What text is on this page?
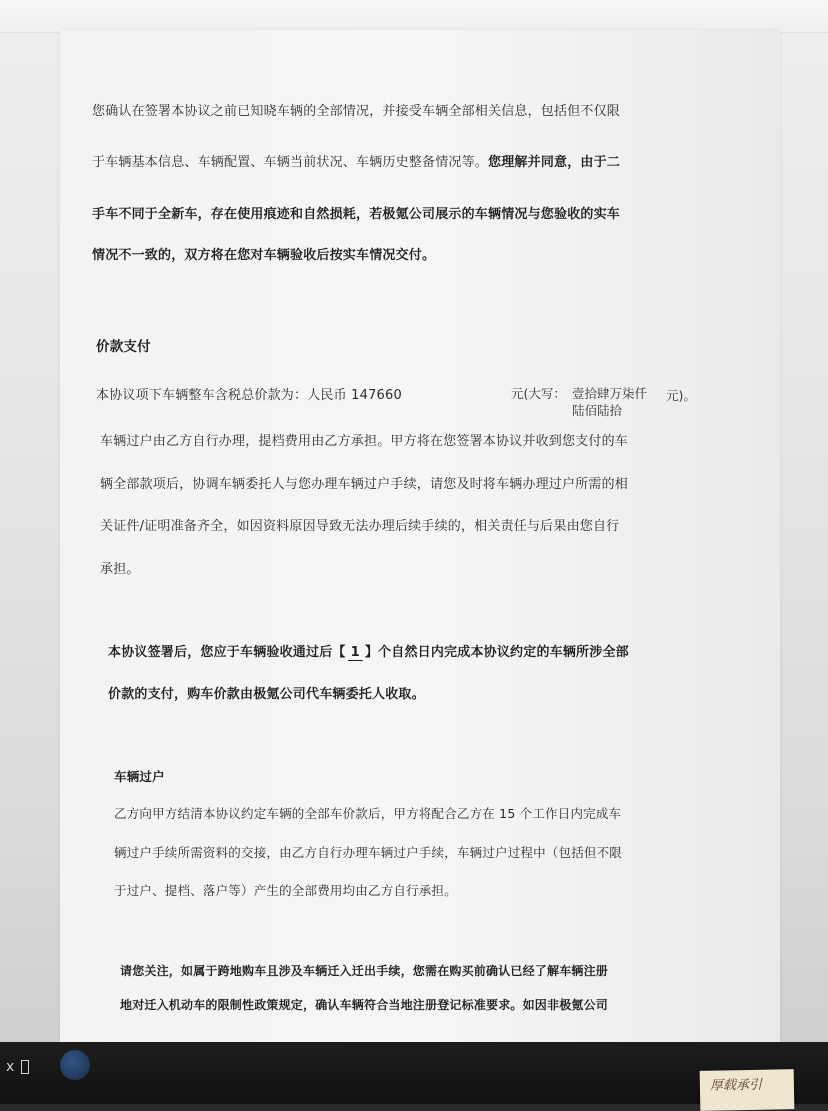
您确认在签署本协议之前已知晓车辆的全部情况，并接受车辆全部相关信息，包括但不仅限
于车辆基本信息、车辆配置、车辆当前状况、车辆历史整备情况等。您理解并同意，由于二
手车不同于全新车，存在使用痕迹和自然损耗，若极氪公司展示的车辆情况与您验收的实车
情况不一致的，双方将在您对车辆验收后按实车情况交付。
价款支付
本协议项下车辆整车含税总价款为：人民币 147660	元(大写： 壹拾肆万柒仟
陆佰陆拾
元)。
车辆过户由乙方自行办理，提档费用由乙方承担。甲方将在您签署本协议并收到您支付的车
辆全部款项后，协调车辆委托人与您办理车辆过户手续，请您及时将车辆办理过户所需的相
关证件/证明准备齐全，如因资料原因导致无法办理后续手续的，相关责任与后果由您自行
承担。
本协议签署后，您应于车辆验收通过后【 1 】个自然日内完成本协议约定的车辆所涉全部
价款的支付，购车价款由极氪公司代车辆委托人收取。
车辆过户
乙方向甲方结清本协议约定车辆的全部车价款后，甲方将配合乙方在 15 个工作日内完成车
辆过户手续所需资料的交接，由乙方自行办理车辆过户手续，车辆过户过程中（包括但不限
于过户、提档、落户等）产生的全部费用均由乙方自行承担。
请您关注，如属于跨地购车且涉及车辆迁入迁出手续，您需在购买前确认已经了解车辆注册
地对迁入机动车的限制性政策规定，确认车辆符合当地注册登记标准要求。如因非极氪公司
x
厚载承引
